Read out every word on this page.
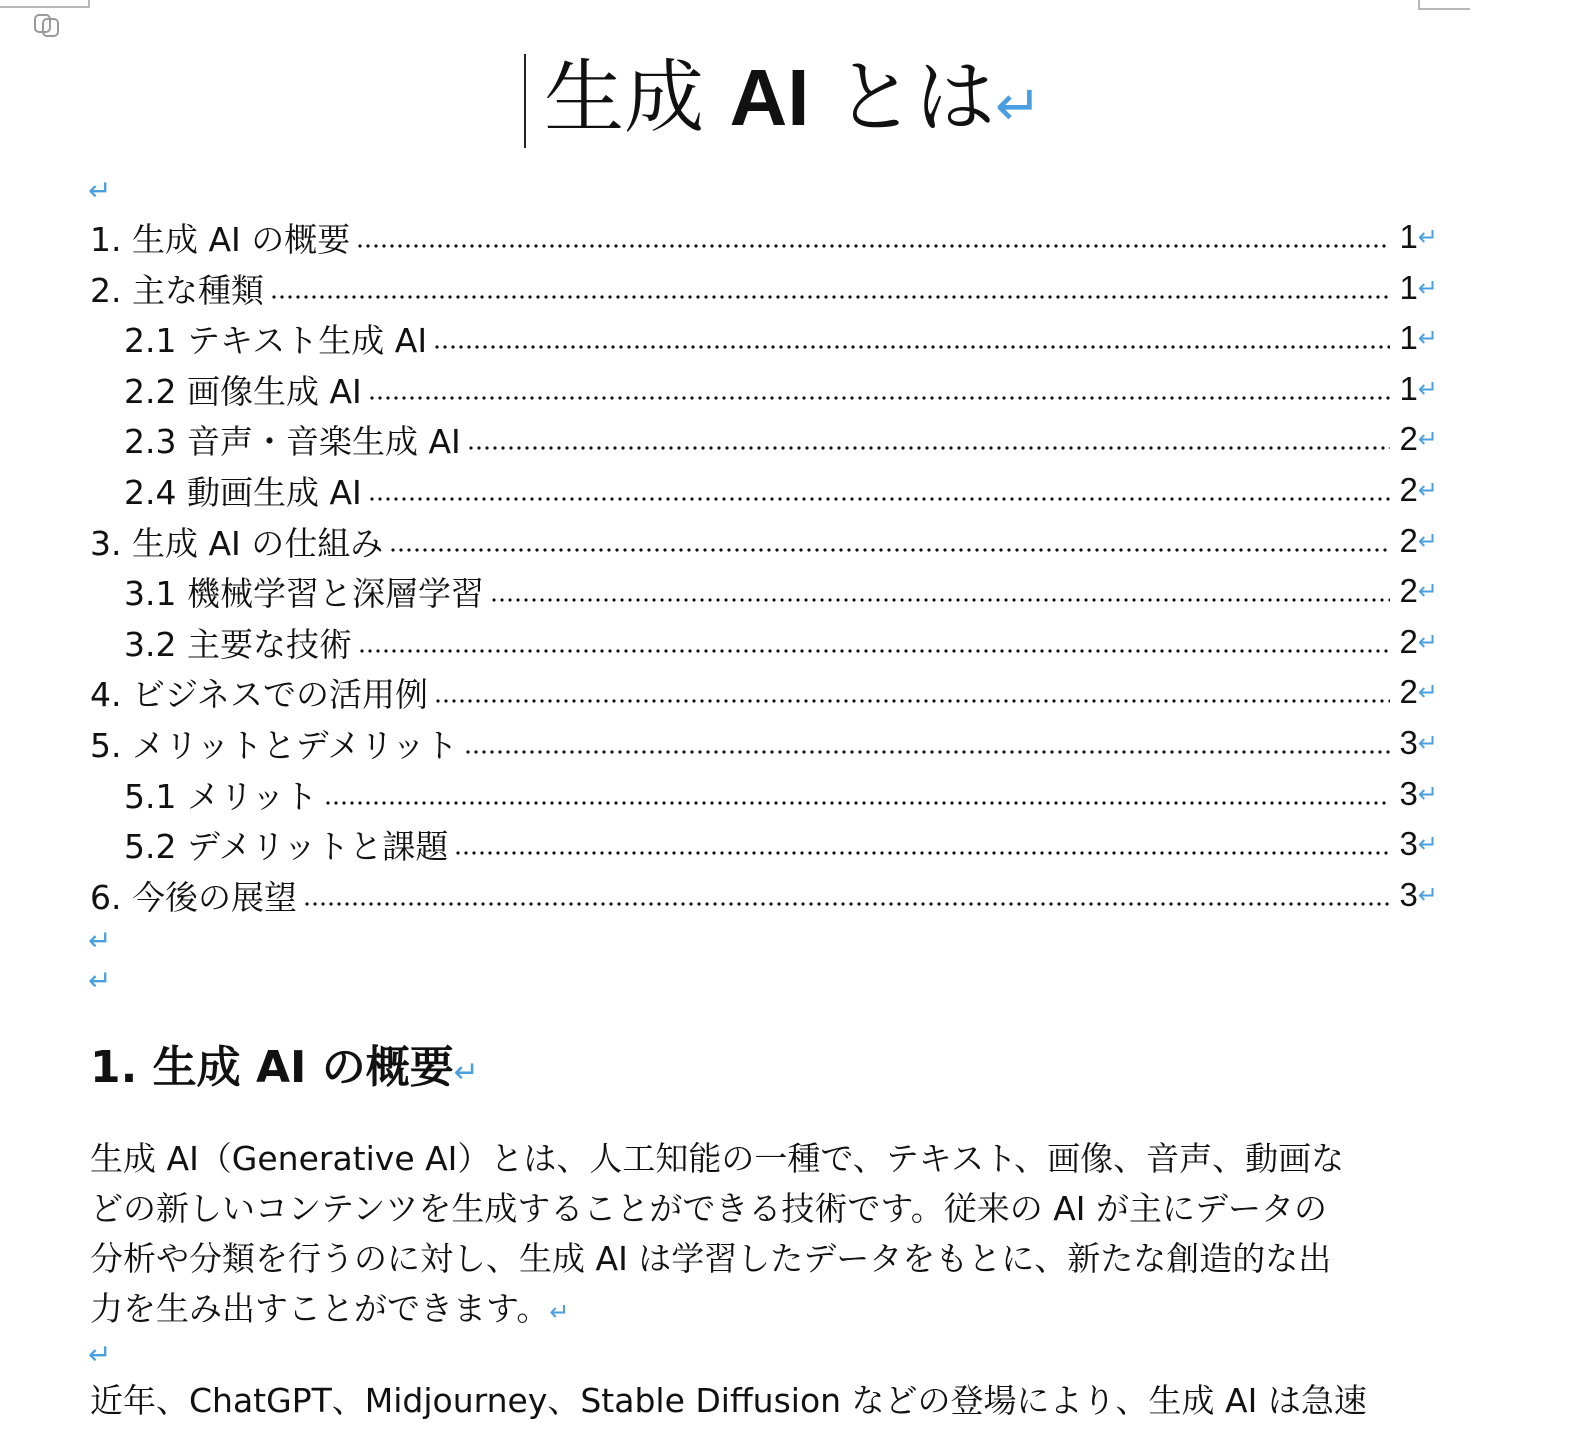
生成 AI とは↵
↵
1. 生成 AI の概要	1 ↵
2. 主な種類	1 ↵
2.1 テキスト生成 AI	1 ↵
2.2 画像生成 AI	1 ↵
2.3 音声・音楽生成 AI	2 ↵
2.4 動画生成 AI	2 ↵
3. 生成 AI の仕組み	2 ↵
3.1 機械学習と深層学習	2 ↵
3.2 主要な技術	2 ↵
4. ビジネスでの活用例	2 ↵
5. メリットとデメリット	3 ↵
5.1 メリット	3 ↵
5.2 デメリットと課題	3 ↵
6. 今後の展望	3 ↵
↵
↵
1. 生成 AI の概要↵
生成 AI（Generative AI）とは、人工知能の一種で、テキスト、画像、音声、動画な
どの新しいコンテンツを生成することができる技術です。従来の AI が主にデータの
分析や分類を行うのに対し、生成 AI は学習したデータをもとに、新たな創造的な出
力を生み出すことができます。↵
↵
近年、ChatGPT、Midjourney、Stable Diffusion などの登場により、生成 AI は急速
